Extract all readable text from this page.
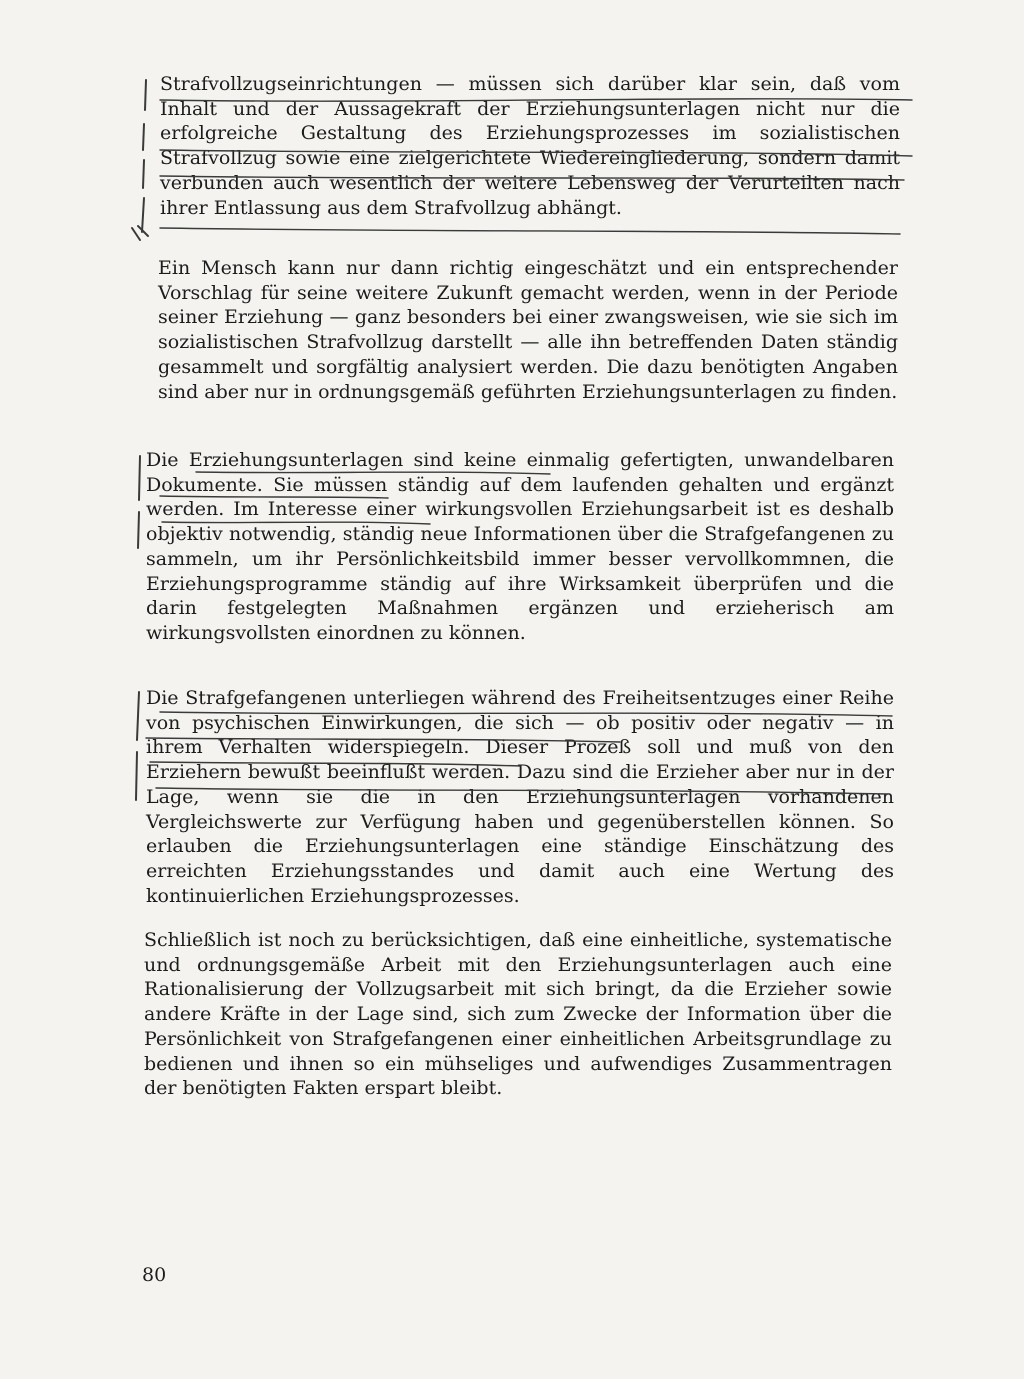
Strafvollzugseinrichtungen — müssen sich darüber klar sein, daß vom Inhalt und der Aussagekraft der Erziehungsunterlagen nicht nur die erfolgreiche Gestaltung des Erziehungsprozesses im sozialistischen Strafvollzug sowie eine zielgerichtete Wiedereingliederung, sondern damit verbunden auch wesentlich der weitere Lebensweg der Verurteilten nach ihrer Entlassung aus dem Strafvollzug abhängt.

Ein Mensch kann nur dann richtig eingeschätzt und ein entsprechender Vorschlag für seine weitere Zukunft gemacht werden, wenn in der Periode seiner Erziehung — ganz besonders bei einer zwangsweisen, wie sie sich im sozialistischen Strafvollzug darstellt — alle ihn betreffenden Daten ständig gesammelt und sorgfältig analysiert werden. Die dazu benötigten Angaben sind aber nur in ordnungsgemäß geführten Erziehungsunterlagen zu finden.

Die Erziehungsunterlagen sind keine einmalig gefertigten, unwandelbaren Dokumente. Sie müssen ständig auf dem laufenden gehalten und ergänzt werden. Im Interesse einer wirkungsvollen Erziehungsarbeit ist es deshalb objektiv notwendig, ständig neue Informationen über die Strafgefangenen zu sammeln, um ihr Persönlichkeitsbild immer besser vervollkommnen, die Erziehungsprogramme ständig auf ihre Wirksamkeit überprüfen und die darin festgelegten Maßnahmen ergänzen und erzieherisch am wirkungsvollsten einordnen zu können.

Die Strafgefangenen unterliegen während des Freiheitsentzuges einer Reihe von psychischen Einwirkungen, die sich — ob positiv oder negativ — in ihrem Verhalten widerspiegeln. Dieser Prozeß soll und muß von den Erziehern bewußt beeinflußt werden. Dazu sind die Erzieher aber nur in der Lage, wenn sie die in den Erziehungsunterlagen vorhandenen Vergleichswerte zur Verfügung haben und gegenüberstellen können. So erlauben die Erziehungsunterlagen eine ständige Einschätzung des erreichten Erziehungsstandes und damit auch eine Wertung des kontinuierlichen Erziehungsprozesses.

Schließlich ist noch zu berücksichtigen, daß eine einheitliche, systematische und ordnungsgemäße Arbeit mit den Erziehungsunterlagen auch eine Rationalisierung der Vollzugsarbeit mit sich bringt, da die Erzieher sowie andere Kräfte in der Lage sind, sich zum Zwecke der Information über die Persönlichkeit von Strafgefangenen einer einheitlichen Arbeitsgrundlage zu bedienen und ihnen so ein mühseliges und aufwendiges Zusammentragen der benötigten Fakten erspart bleibt.

80
